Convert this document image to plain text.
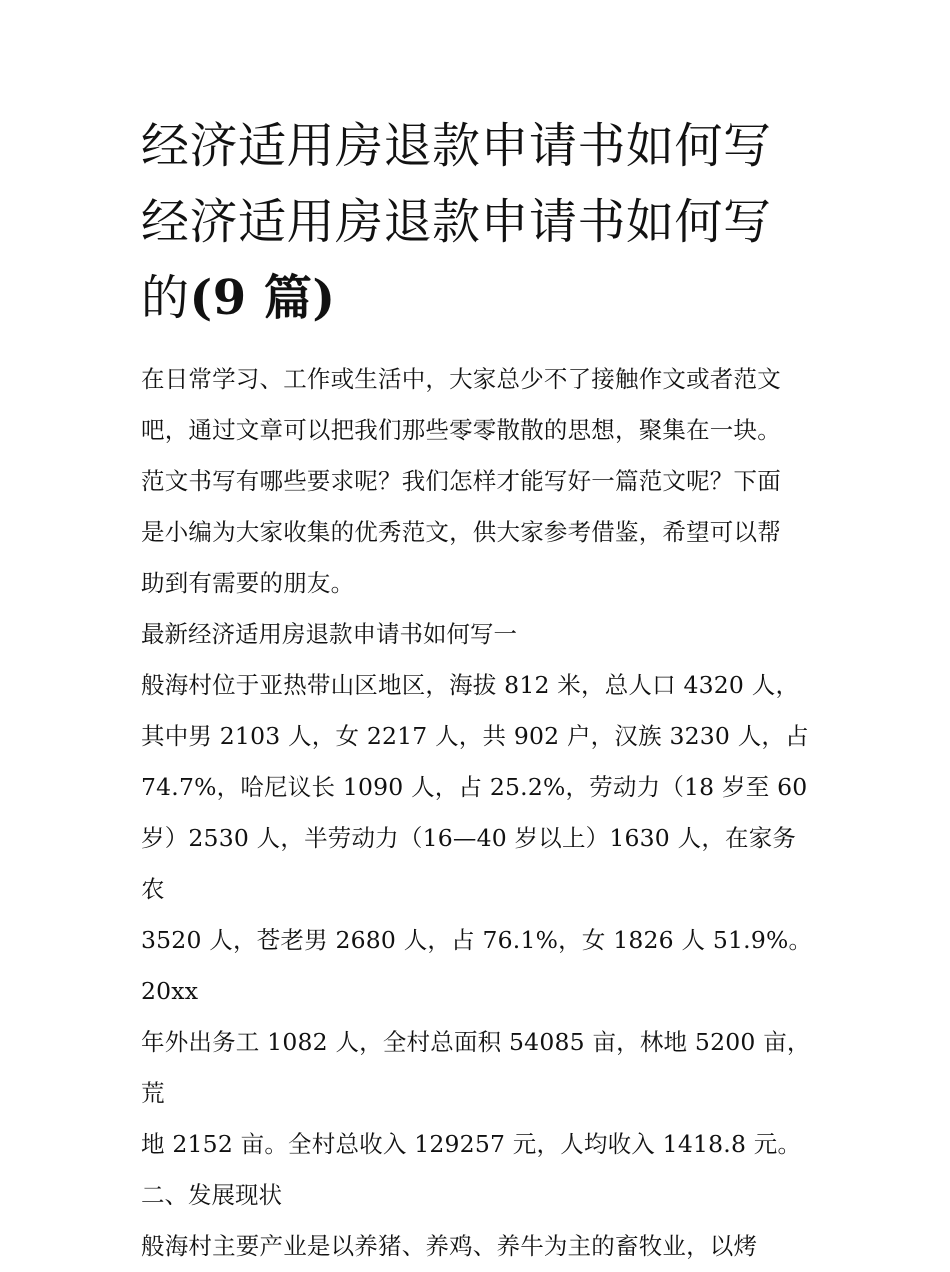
经济适用房退款申请书如何写
经济适用房退款申请书如何写
的(9 篇)

在日常学习、工作或生活中，大家总少不了接触作文或者范文

吧，通过文章可以把我们那些零零散散的思想，聚集在一块。

范文书写有哪些要求呢？我们怎样才能写好一篇范文呢？下面

是小编为大家收集的优秀范文，供大家参考借鉴，希望可以帮

助到有需要的朋友。

最新经济适用房退款申请书如何写一

般海村位于亚热带山区地区，海拔 812 米，总人口 4320 人，

其中男 2103 人，女 2217 人，共 902 户，汉族 3230 人，占

74.7%，哈尼议长 1090 人，占 25.2%，劳动力（18 岁至 60

岁）2530 人，半劳动力（16—40 岁以上）1630 人，在家务农

3520 人，苍老男 2680 人，占 76.1%，女 1826 人 51.9%。20xx

年外出务工 1082 人，全村总面积 54085 亩，林地 5200 亩，荒

地 2152 亩。全村总收入 129257 元，人均收入 1418.8 元。

二、发展现状

般海村主要产业是以养猪、养鸡、养牛为主的畜牧业，以烤
